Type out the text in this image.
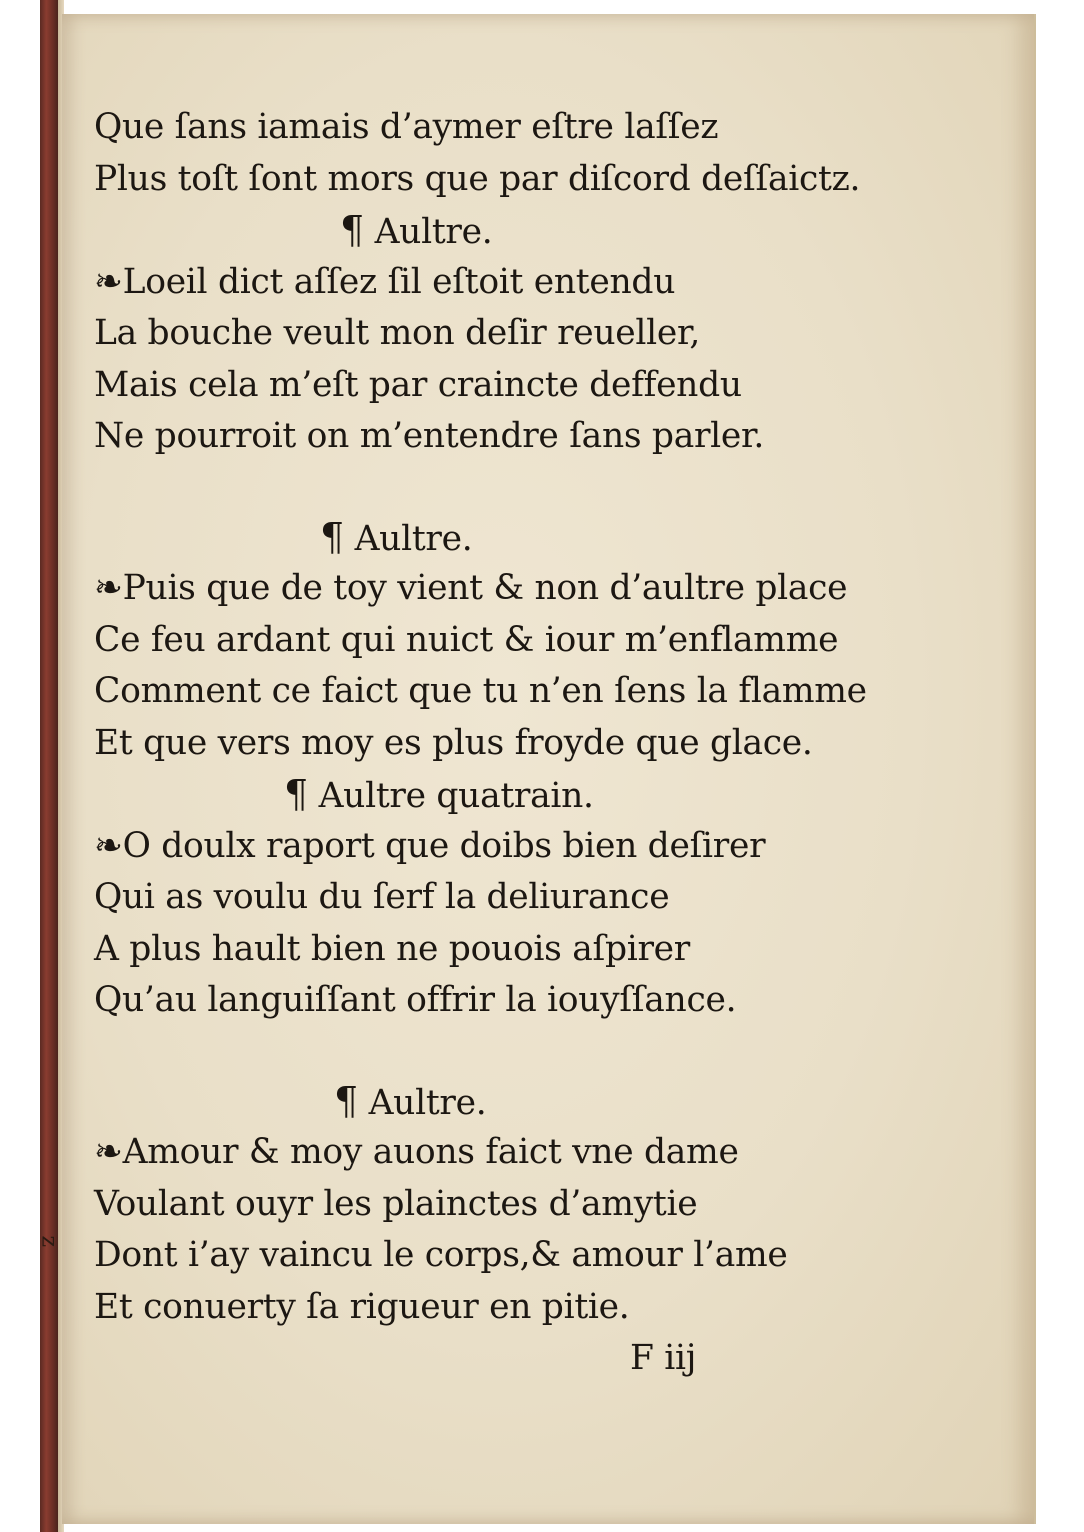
z
Que ſans iamais d’aymer eſtre laſſez
Plus toſt ſont mors que par diſcord deſſaictz.
¶ Aultre.
❧Loeil dict aſſez ſil eſtoit entendu
La bouche veult mon deſir reueller,
Mais cela m’eſt par craincte deffendu
Ne pourroit on m’entendre ſans parler.
¶ Aultre.
❧Puis que de toy vient & non d’aultre place
Ce feu ardant qui nuict & iour m’enflamme
Comment ce faict que tu n’en ſens la flamme
Et que vers moy es plus froyde que glace.
¶ Aultre quatrain.
❧O doulx raport que doibs bien deſirer
Qui as voulu du ſerf la deliurance
A plus hault bien ne pouois aſpirer
Qu’au languiſſant offrir la iouyſſance.
¶ Aultre.
❧Amour & moy auons faict vne dame
Voulant ouyr les plainctes d’amytie
Dont i’ay vaincu le corps,& amour l’ame
Et conuerty ſa rigueur en pitie.
F iij
